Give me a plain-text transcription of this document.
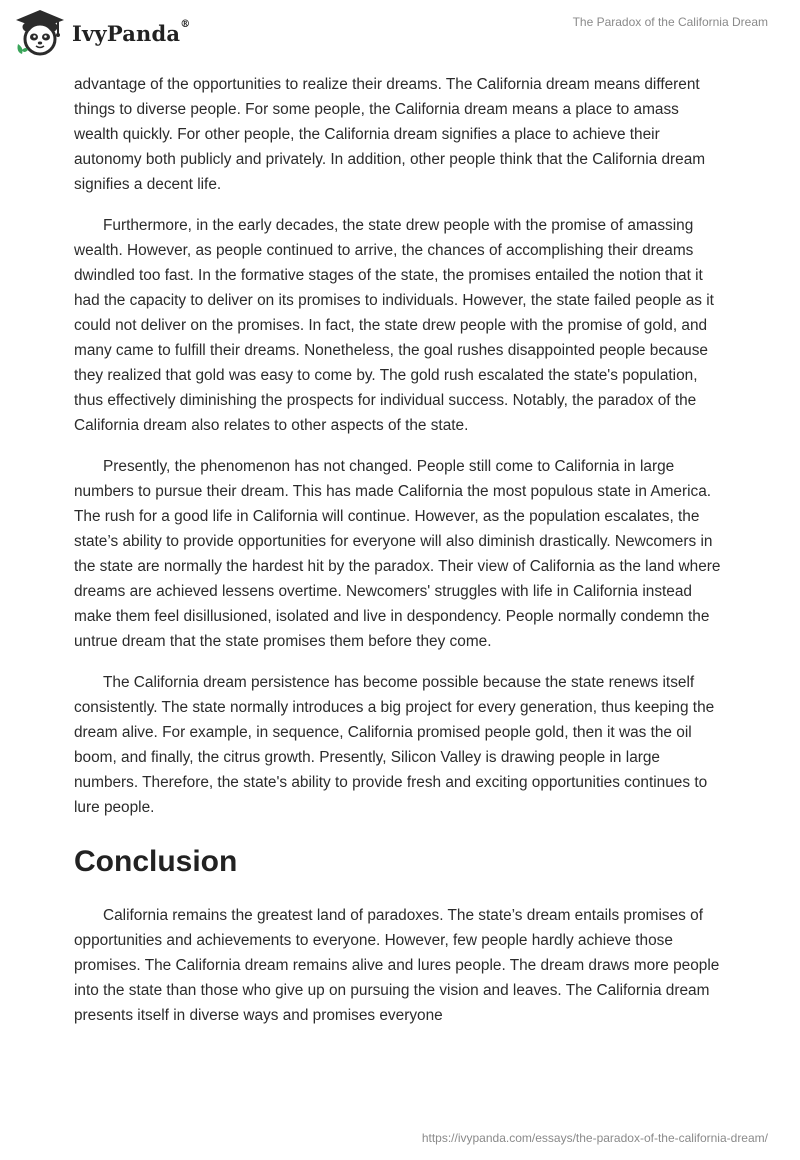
IvyPanda®	The Paradox of the California Dream

advantage of the opportunities to realize their dreams. The California dream means different things to diverse people. For some people, the California dream means a place to amass wealth quickly. For other people, the California dream signifies a place to achieve their autonomy both publicly and privately. In addition, other people think that the California dream signifies a decent life.

Furthermore, in the early decades, the state drew people with the promise of amassing wealth. However, as people continued to arrive, the chances of accomplishing their dreams dwindled too fast. In the formative stages of the state, the promises entailed the notion that it had the capacity to deliver on its promises to individuals. However, the state failed people as it could not deliver on the promises. In fact, the state drew people with the promise of gold, and many came to fulfill their dreams. Nonetheless, the goal rushes disappointed people because they realized that gold was easy to come by. The gold rush escalated the state's population, thus effectively diminishing the prospects for individual success. Notably, the paradox of the California dream also relates to other aspects of the state.

Presently, the phenomenon has not changed. People still come to California in large numbers to pursue their dream. This has made California the most populous state in America. The rush for a good life in California will continue. However, as the population escalates, the state’s ability to provide opportunities for everyone will also diminish drastically. Newcomers in the state are normally the hardest hit by the paradox. Their view of California as the land where dreams are achieved lessens overtime. Newcomers' struggles with life in California instead make them feel disillusioned, isolated and live in despondency. People normally condemn the untrue dream that the state promises them before they come.

The California dream persistence has become possible because the state renews itself consistently. The state normally introduces a big project for every generation, thus keeping the dream alive. For example, in sequence, California promised people gold, then it was the oil boom, and finally, the citrus growth. Presently, Silicon Valley is drawing people in large numbers. Therefore, the state's ability to provide fresh and exciting opportunities continues to lure people.

Conclusion

California remains the greatest land of paradoxes. The state’s dream entails promises of opportunities and achievements to everyone. However, few people hardly achieve those promises. The California dream remains alive and lures people. The dream draws more people into the state than those who give up on pursuing the vision and leaves. The California dream presents itself in diverse ways and promises everyone

https://ivypanda.com/essays/the-paradox-of-the-california-dream/
